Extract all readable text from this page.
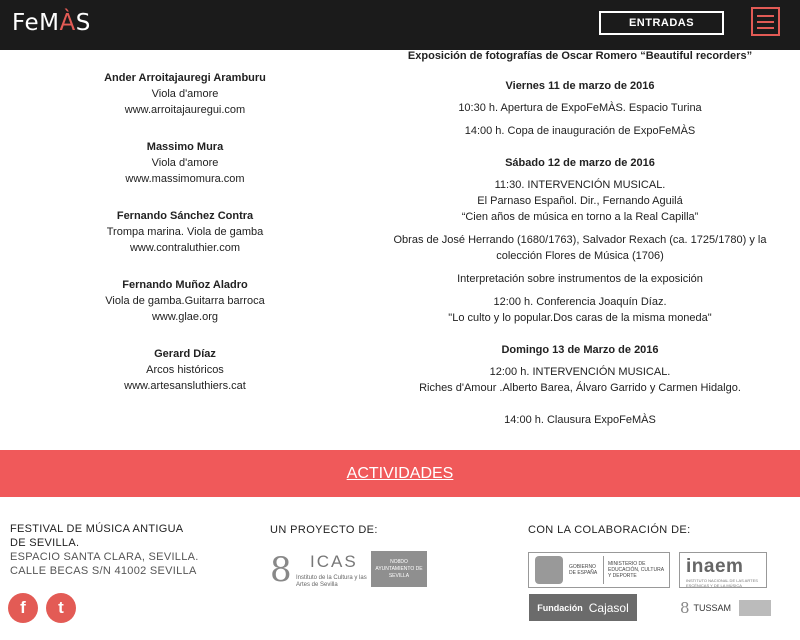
FeMÀS	ENTRADAS
Ander Arroitajauregi Aramburu
Viola d'amore
www.arroitajauregui.com
Massimo Mura
Viola d'amore
www.massimomura.com
Fernando Sánchez Contra
Trompa marina. Viola de gamba
www.contraluthier.com
Fernando Muñoz Aladro
Viola de gamba.Guitarra barroca
www.glae.org
Gerard Díaz
Arcos históricos
www.artesansluthiers.cat
Exposición de fotografías de Oscar Romero “Beautiful recorders”
Viernes 11 de marzo de 2016
10:30 h. Apertura de ExpoFeMÀS. Espacio Turina
14:00 h. Copa de inauguración de ExpoFeMÀS
Sábado 12 de marzo de 2016
11:30. INTERVENCIÓN MUSICAL.
El Parnaso Español. Dir., Fernando Aguilá
“Cien años de música en torno a la Real Capilla”
Obras de José Herrando (1680/1763), Salvador Rexach (ca. 1725/1780) y la
colección Flores de Música (1706)
Interpretación sobre instrumentos de la exposición
12:00 h. Conferencia Joaquín Díaz.
"Lo culto y lo popular.Dos caras de la misma moneda"
Domingo 13 de Marzo de 2016
12:00 h. INTERVENCIÓN MUSICAL.
Riches d'Amour .Alberto Barea, Álvaro Garrido y Carmen Hidalgo.
14:00 h. Clausura ExpoFeMÀS
ACTIVIDADES
FESTIVAL DE MÚSICA ANTIGUA
DE SEVILLA.
ESPACIO SANTA CLARA, SEVILLA.
CALLE BECAS S/N 41002 SEVILLA
f	t
UN PROYECTO DE:
8 ICAS
Instituto de la Cultura y las Artes de Sevilla
NO8DO AYUNTAMIENTO DE SEVILLA
CON LA COLABORACIÓN DE:
GOBIERNO DE ESPAÑA
MINISTERIO DE EDUCACIÓN, CULTURA Y DEPORTE	inaem
INSTITUTO NACIONAL DE LAS ARTES ESCÉNICAS Y DE LA MÚSICA
Fundación Cajasol	8 TUSSAM
